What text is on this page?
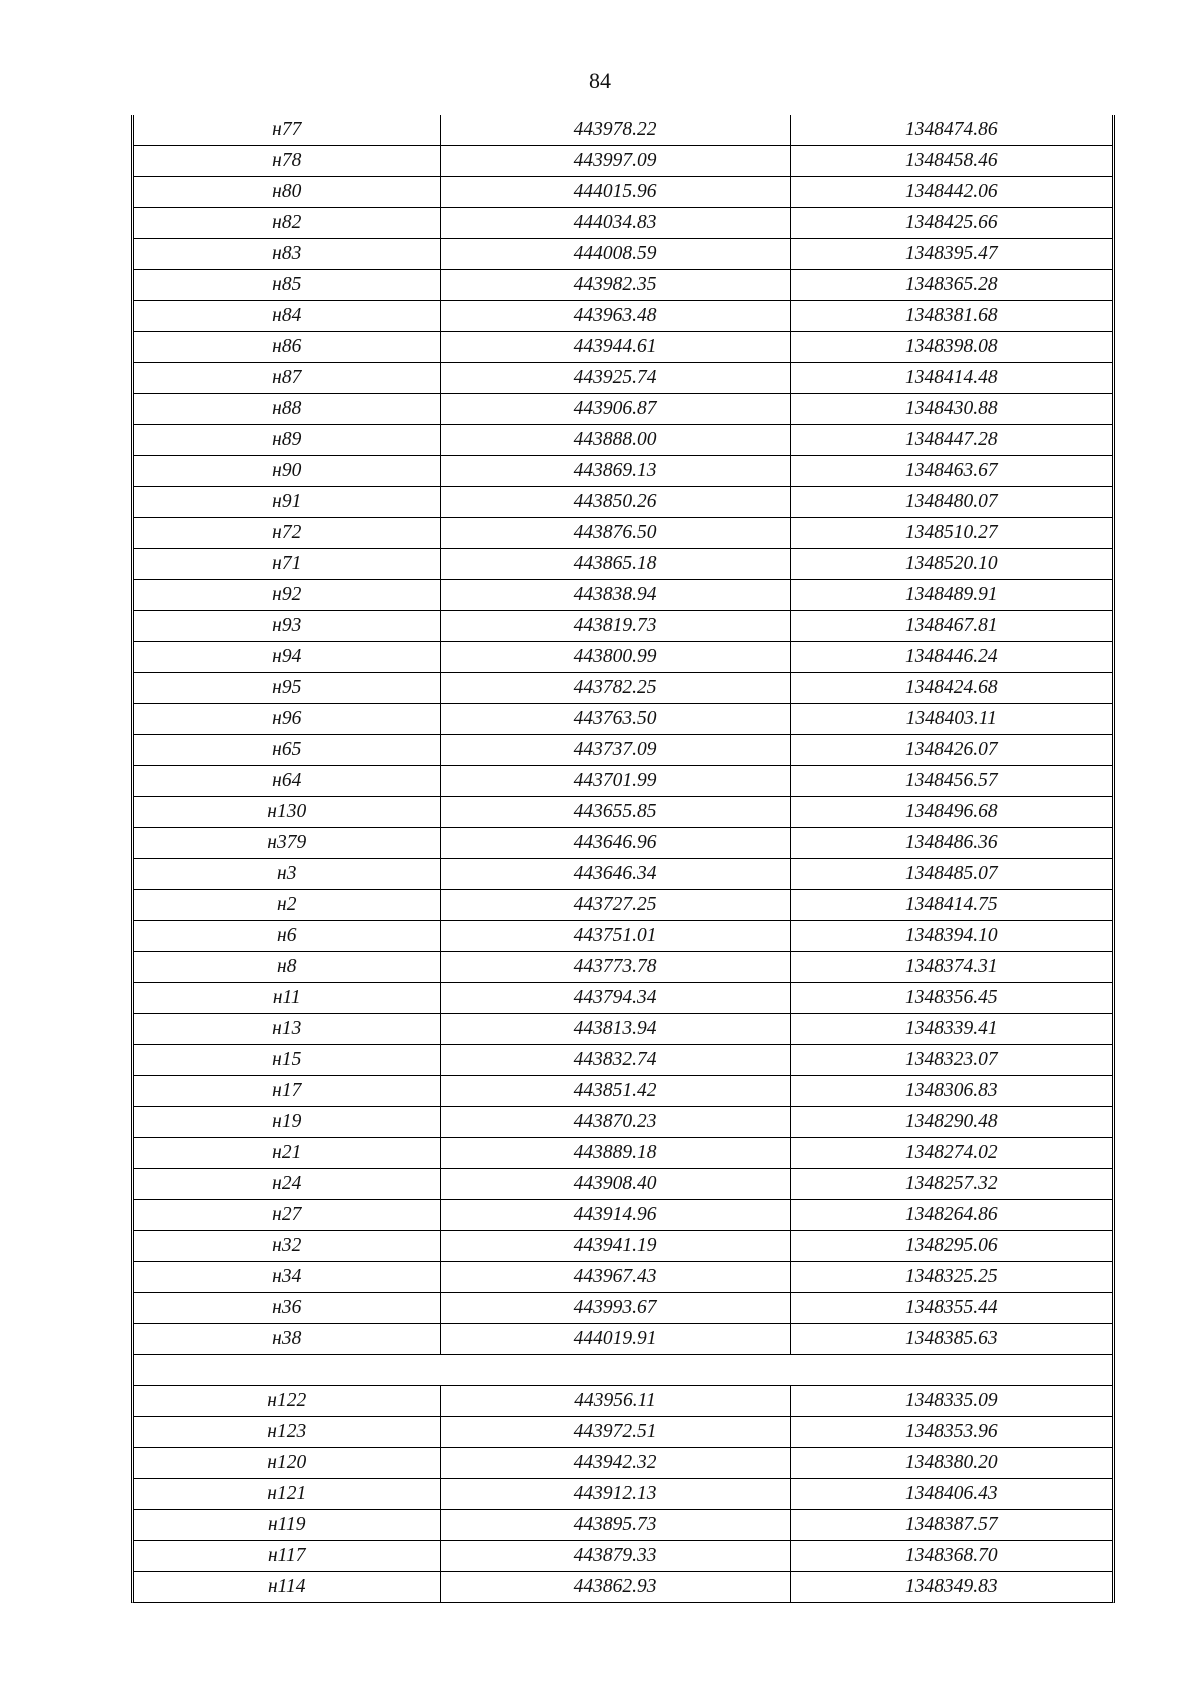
84
н77	443978.22	1348474.86
н78	443997.09	1348458.46
н80	444015.96	1348442.06
н82	444034.83	1348425.66
н83	444008.59	1348395.47
н85	443982.35	1348365.28
н84	443963.48	1348381.68
н86	443944.61	1348398.08
н87	443925.74	1348414.48
н88	443906.87	1348430.88
н89	443888.00	1348447.28
н90	443869.13	1348463.67
н91	443850.26	1348480.07
н72	443876.50	1348510.27
н71	443865.18	1348520.10
н92	443838.94	1348489.91
н93	443819.73	1348467.81
н94	443800.99	1348446.24
н95	443782.25	1348424.68
н96	443763.50	1348403.11
н65	443737.09	1348426.07
н64	443701.99	1348456.57
н130	443655.85	1348496.68
н379	443646.96	1348486.36
н3	443646.34	1348485.07
н2	443727.25	1348414.75
н6	443751.01	1348394.10
н8	443773.78	1348374.31
н11	443794.34	1348356.45
н13	443813.94	1348339.41
н15	443832.74	1348323.07
н17	443851.42	1348306.83
н19	443870.23	1348290.48
н21	443889.18	1348274.02
н24	443908.40	1348257.32
н27	443914.96	1348264.86
н32	443941.19	1348295.06
н34	443967.43	1348325.25
н36	443993.67	1348355.44
н38	444019.91	1348385.63

н122	443956.11	1348335.09
н123	443972.51	1348353.96
н120	443942.32	1348380.20
н121	443912.13	1348406.43
н119	443895.73	1348387.57
н117	443879.33	1348368.70
н114	443862.93	1348349.83
